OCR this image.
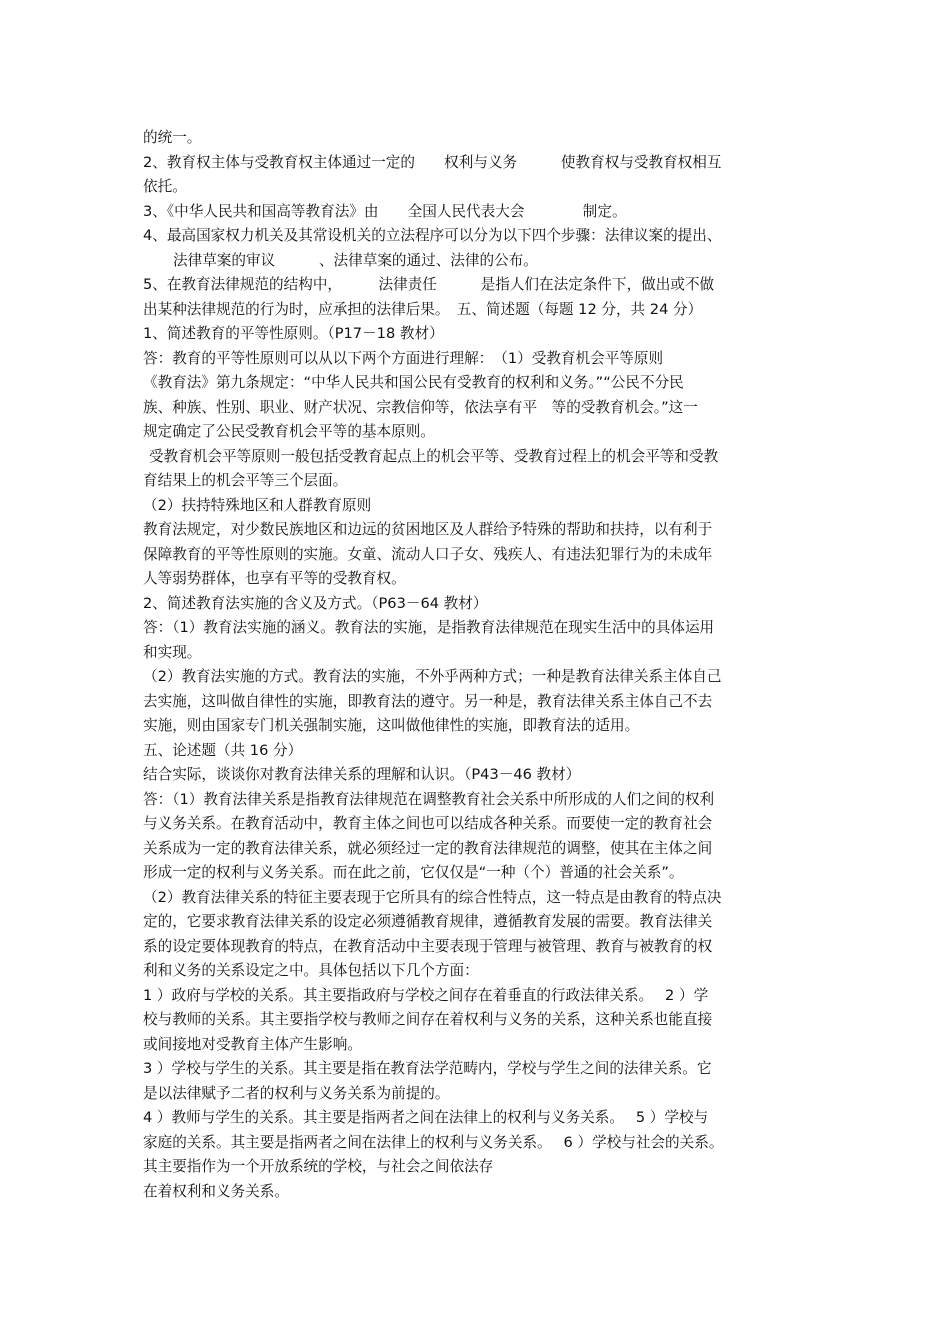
的统一。
2、教育权主体与受教育权主体通过一定的　　权利与义务　　　使教育权与受教育权相互
依托。
3、《中华人民共和国高等教育法》由　　全国人民代表大会　　　　制定。
4、最高国家权力机关及其常设机关的立法程序可以分为以下四个步骤：法律议案的提出、
法律草案的审议　　　、法律草案的通过、法律的公布。
5、在教育法律规范的结构中，　　　法律责任　　　是指人们在法定条件下，做出或不做
出某种法律规范的行为时，应承担的法律后果。　五、简述题（每题 12 分，共 24 分）
1、简述教育的平等性原则。（P17－18 教材）
答：教育的平等性原则可以从以下两个方面进行理解：　（1）受教育机会平等原则
《教育法》第九条规定：“中华人民共和国公民有受教育的权利和义务。”“公民不分民
族、种族、性别、职业、财产状况、宗教信仰等，依法享有平　等的受教育机会。”这一
规定确定了公民受教育机会平等的基本原则。
受教育机会平等原则一般包括受教育起点上的机会平等、受教育过程上的机会平等和受教
育结果上的机会平等三个层面。
（2）扶持特殊地区和人群教育原则
教育法规定，对少数民族地区和边远的贫困地区及人群给予特殊的帮助和扶持，以有利于
保障教育的平等性原则的实施。女童、流动人口子女、残疾人、有违法犯罪行为的未成年
人等弱势群体，也享有平等的受教育权。
2、简述教育法实施的含义及方式。（P63－64 教材）
答：（1）教育法实施的涵义。教育法的实施，是指教育法律规范在现实生活中的具体运用
和实现。
（2）教育法实施的方式。教育法的实施，不外乎两种方式；一种是教育法律关系主体自己
去实施，这叫做自律性的实施，即教育法的遵守。另一种是，教育法律关系主体自己不去
实施，则由国家专门机关强制实施，这叫做他律性的实施，即教育法的适用。
五、论述题（共 16 分）
结合实际，谈谈你对教育法律关系的理解和认识。（P43－46 教材）
答：（1）教育法律关系是指教育法律规范在调整教育社会关系中所形成的人们之间的权利
与义务关系。在教育活动中，教育主体之间也可以结成各种关系。而要使一定的教育社会
关系成为一定的教育法律关系，就必须经过一定的教育法律规范的调整，使其在主体之间
形成一定的权利与义务关系。而在此之前，它仅仅是“一种（个）普通的社会关系”。
（2）教育法律关系的特征主要表现于它所具有的综合性特点，这一特点是由教育的特点决
定的，它要求教育法律关系的设定必须遵循教育规律，遵循教育发展的需要。教育法律关
系的设定要体现教育的特点，在教育活动中主要表现于管理与被管理、教育与被教育的权
利和义务的关系设定之中。具体包括以下几个方面：
1 ）政府与学校的关系。其主要指政府与学校之间存在着垂直的行政法律关系。　 2 ）学
校与教师的关系。其主要指学校与教师之间存在着权利与义务的关系，这种关系也能直接
或间接地对受教育主体产生影响。
3 ）学校与学生的关系。其主要是指在教育法学范畴内，学校与学生之间的法律关系。它
是以法律赋予二者的权利与义务关系为前提的。
4 ）教师与学生的关系。其主要是指两者之间在法律上的权利与义务关系。　 5 ）学校与
家庭的关系。其主要是指两者之间在法律上的权利与义务关系。　 6 ）学校与社会的关系。
其主要指作为一个开放系统的学校，与社会之间依法存
在着权利和义务关系。
